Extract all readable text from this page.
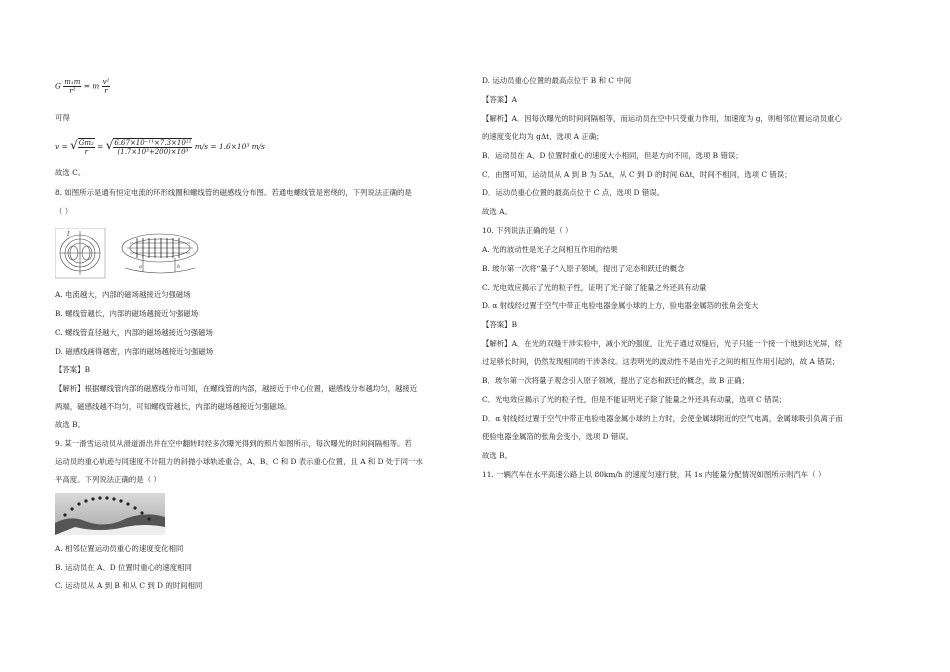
G $\frac{\text{m₁m}}{\text{r²}} = m \frac{\text{v²}}{r}$
可得
v = √ $\frac{\text{Gm₂}}{r}$ = √ $\frac{\text{6.67×10⁻¹¹×7.3×10²²}}{\text{(1.7×10³+200)×10³}} m/s = 1.6\times 10^3$ m/s
故选 C。
8. 如图所示是通有恒定电流的环形线圈和螺线管的磁感线分布图。若通电螺线管是密绕的，下列说法正确的是
（ ）
I
a	b
A. 电流越大，内部的磁场越接近匀强磁场
B. 螺线管越长，内部的磁场越接近匀强磁场
C. 螺线管直径越大，内部的磁场越接近匀强磁场
D. 磁感线画得越密，内部的磁场越接近匀强磁场
【答案】B
【解析】根据螺线管内部的磁感线分布可知，在螺线管的内部，越接近于中心位置，磁感线分布越均匀，越接近
两端，磁感线越不均匀，可知螺线管越长，内部的磁场越接近匀强磁场。
故选 B。
9. 某一滑雪运动员从滑道滑出并在空中翻转时经多次曝光得到的照片如图所示，每次曝光的时间间隔相等。若
运动员的重心轨迹与同速度不计阻力的斜抛小球轨迹重合，A、B、C 和 D 表示重心位置，且 A 和 D 处于同一水
平高度。下列说法正确的是（ ）
A. 相邻位置运动员重心的速度变化相同
B. 运动员在 A、D 位置时重心的速度相同
C. 运动员从 A 到 B 和从 C 到 D 的时间相同
D. 运动员重心位置的最高点位于 B 和 C 中间
【答案】A
【解析】A．因每次曝光的时间间隔相等，而运动员在空中只受重力作用，加速度为 g，则相邻位置运动员重心
的速度变化均为 gΔt，选项 A 正确；
B．运动员在 A、D 位置时重心的速度大小相同，但是方向不同，选项 B 错误；
C．由图可知，运动员从 A 到 B 为 5Δt，从 C 到 D 的时间 6Δt，时间不相同，选项 C 错误；
D．运动员重心位置的最高点位于 C 点，选项 D 错误。
故选 A。
10. 下列说法正确的是（ ）
A. 光的波动性是光子之间相互作用的结果
B. 玻尔第一次将“量子”入原子领域，提出了定态和跃迁的概念
C. 光电效应揭示了光的粒子性，证明了光子除了能量之外还具有动量
D. α 射线经过置于空气中带正电验电器金属小球的上方，验电器金属箔的张角会变大
【答案】B
【解析】A．在光的双缝干涉实验中，减小光的强度，让光子通过双缝后，光子只能一个接一个地到达光屏，经
过足够长时间，仍然发现相同的干涉条纹。这表明光的波动性不是由光子之间的相互作用引起的，故 A 错误；
B．玻尔第一次将量子观念引入原子领域，提出了定态和跃迁的概念，故 B 正确；
C．光电效应揭示了光的粒子性，但是不能证明光子除了能量之外还具有动量，选项 C 错误；
D．α 射线经过置于空气中带正电验电器金属小球的上方时，会使金属球附近的空气电离，金属球吸引负离子而
使验电器金属箔的张角会变小，选项 D 错误。
故选 B。
11. 一辆汽车在水平高速公路上以 80km/h 的速度匀速行驶，其 1s 内能量分配情况如图所示则汽车（ ）
